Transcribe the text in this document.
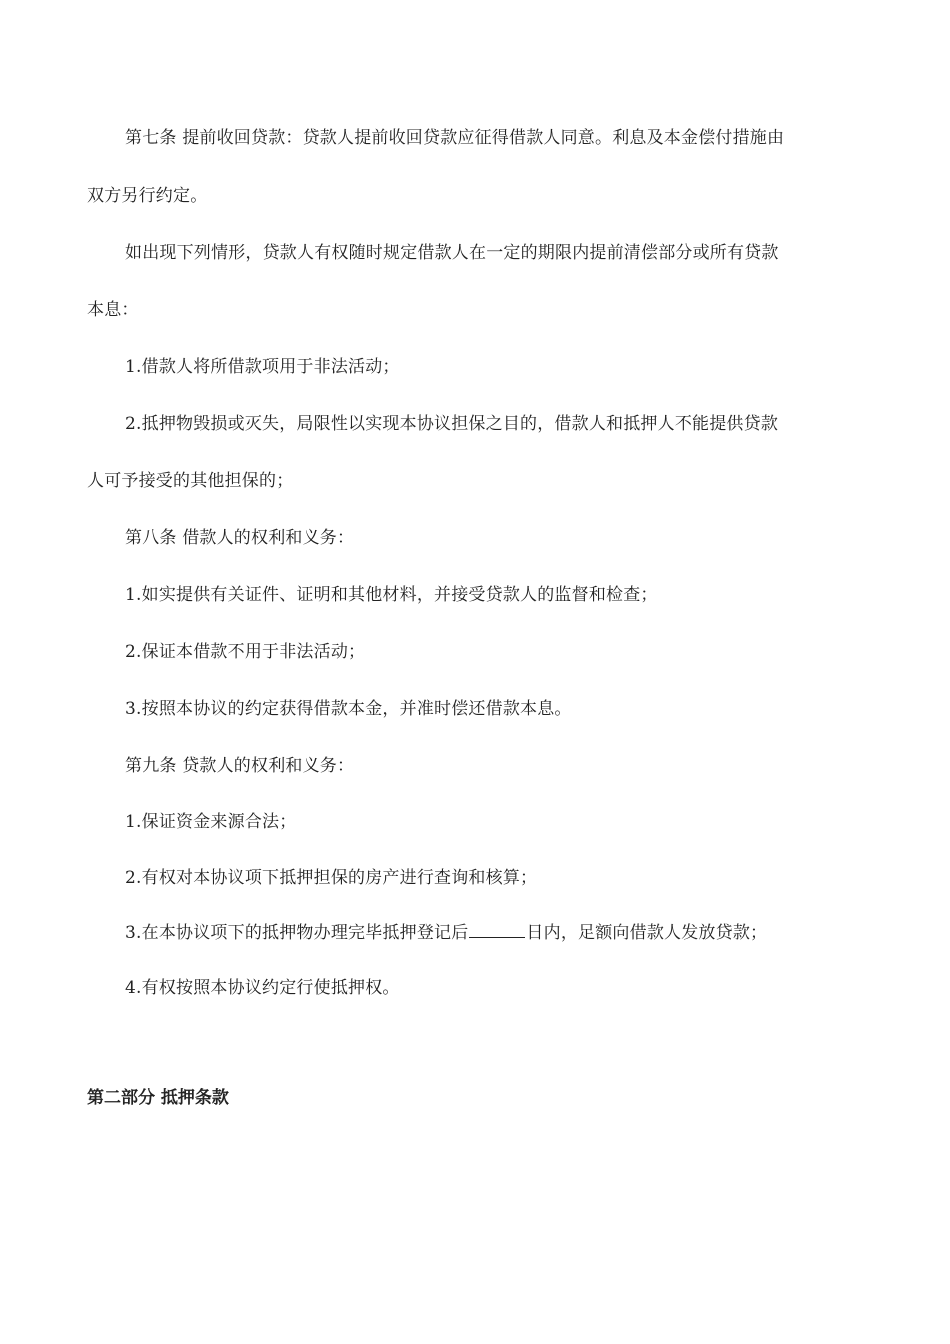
第七条 提前收回贷款：贷款人提前收回贷款应征得借款人同意。利息及本金偿付措施由
双方另行约定。
如出现下列情形，贷款人有权随时规定借款人在一定的期限内提前清偿部分或所有贷款
本息：
1.借款人将所借款项用于非法活动；
2.抵押物毁损或灭失，局限性以实现本协议担保之目的，借款人和抵押人不能提供贷款
人可予接受的其他担保的；
第八条 借款人的权利和义务：
1.如实提供有关证件、证明和其他材料，并接受贷款人的监督和检查；
2.保证本借款不用于非法活动；
3.按照本协议的约定获得借款本金，并准时偿还借款本息。
第九条 贷款人的权利和义务：
1.保证资金来源合法；
2.有权对本协议项下抵押担保的房产进行查询和核算；
3.在本协议项下的抵押物办理完毕抵押登记后	日内，足额向借款人发放贷款；
4.有权按照本协议约定行使抵押权。
第二部分 抵押条款
